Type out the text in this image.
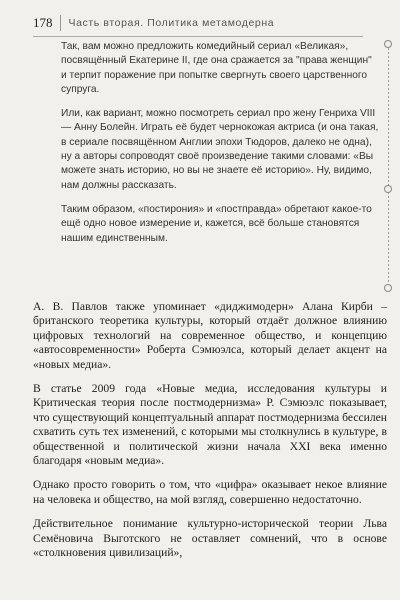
178	Часть вторая. Политика метамодерна

Так, вам можно предложить комедийный сериал «Великая», посвящённый Екатерине II, где она сражается за "права женщин" и терпит поражение при попытке свергнуть своего царственного супруга.

Или, как вариант, можно посмотреть сериал про жену Генриха VIII — Анну Болейн. Играть её будет чернокожая актриса (и она такая, в сериале посвящённом Англии эпохи Тюдоров, далеко не одна), ну а авторы сопроводят своё произведение такими словами: «Вы можете знать историю, но вы не знаете её историю». Ну, видимо, нам должны рассказать.

Таким образом, «постирония» и «постправда» обретают какое-то ещё одно новое измерение и, кажется, всё больше становятся нашим единственным.

А. В. Павлов также упоминает «диджимодерн» Алана Кирби – британского теоретика культуры, который отдаёт должное влиянию цифровых технологий на современное общество, и концепцию «автосовременности» Роберта Сэмюэлса, который делает акцент на «новых медиа».

В статье 2009 года «Новые медиа, исследования культуры и Критическая теория после постмодернизма» Р. Сэмюэлс показывает, что существующий концептуальный аппарат постмодернизма бессилен схватить суть тех изменений, с которыми мы столкнулись в культуре, в общественной и политической жизни начала XXI века именно благодаря «новым медиа».

Однако просто говорить о том, что «цифра» оказывает некое влияние на человека и общество, на мой взгляд, совершенно недостаточно.

Действительное понимание культурно-исторической теории Льва Семёновича Выготского не оставляет сомнений, что в основе «столкновения цивилизаций»,
